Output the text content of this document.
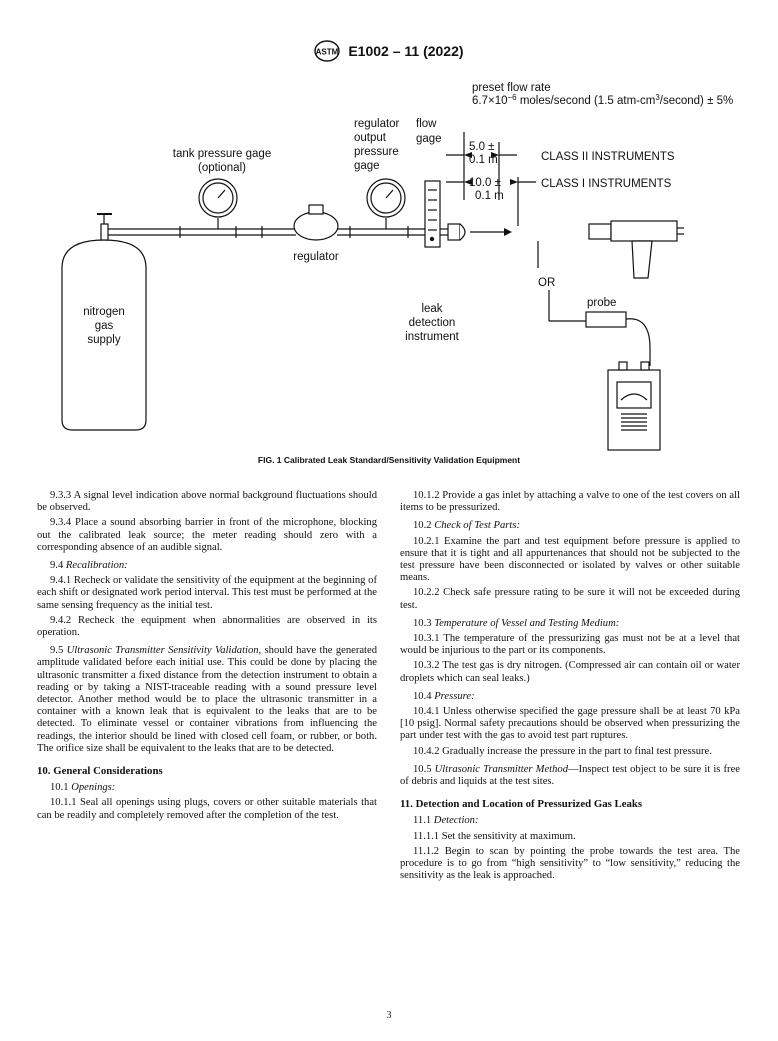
ASTM E1002 – 11 (2022)
preset flow rate
$6.7\times 10^{-6}$ moles/second (1.5 atm-$cm^3/second) \pm 5\%$
regulator
output
pressure
gage
flow
gage
tank pressure gage
(optional)
5.0 ±
0.1 m	CLASS II INSTRUMENTS
10.0 ±
0.1 m
CLASS I INSTRUMENTS
regulator
OR
probe
nitrogen
gas
supply
leak
detection
instrument
FIG. 1 Calibrated Leak Standard/Sensitivity Validation Equipment

9.3.3 A signal level indication above normal background fluctuations should be observed.

9.3.4 Place a sound absorbing barrier in front of the microphone, blocking out the calibrated leak source; the meter reading should zero with a corresponding absence of an audible signal.

9.4 Recalibration:

9.4.1 Recheck or validate the sensitivity of the equipment at the beginning of each shift or designated work period interval. This test must be performed at the same sensing frequency as the initial test.

9.4.2 Recheck the equipment when abnormalities are observed in its operation.

9.5 Ultrasonic Transmitter Sensitivity Validation, should have the generated amplitude validated before each initial use. This could be done by placing the ultrasonic transmitter a fixed distance from the detection instrument to obtain a reading or by taking a NIST-traceable reading with a sound pressure level detector. Another method would be to place the ultrasonic transmitter in a container with a known leak that is equivalent to the leaks that are to be detected. To eliminate vessel or container vibrations from influencing the readings, the interior should be lined with closed cell foam, or rubber, or both. The orifice size shall be equivalent to the leaks that are to be detected.

10. General Considerations

10.1 Openings:

10.1.1 Seal all openings using plugs, covers or other suitable materials that can be readily and completely removed after the completion of the test.

10.1.2 Provide a gas inlet by attaching a valve to one of the test covers on all items to be pressurized.

10.2 Check of Test Parts:

10.2.1 Examine the part and test equipment before pressure is applied to ensure that it is tight and all appurtenances that should not be subjected to the test pressure have been disconnected or isolated by valves or other suitable means.

10.2.2 Check safe pressure rating to be sure it will not be exceeded during test.

10.3 Temperature of Vessel and Testing Medium:

10.3.1 The temperature of the pressurizing gas must not be at a level that would be injurious to the part or its components.

10.3.2 The test gas is dry nitrogen. (Compressed air can contain oil or water droplets which can seal leaks.)

10.4 Pressure:

10.4.1 Unless otherwise specified the gage pressure shall be at least 70 kPa [10 psig]. Normal safety precautions should be observed when pressurizing the part under test with the gas to avoid test part ruptures.

10.4.2 Gradually increase the pressure in the part to final test pressure.

10.5 Ultrasonic Transmitter Method—Inspect test object to be sure it is free of debris and liquids at the test sites.

11. Detection and Location of Pressurized Gas Leaks

11.1 Detection:

11.1.1 Set the sensitivity at maximum.

11.1.2 Begin to scan by pointing the probe towards the test area. The procedure is to go from “high sensitivity” to “low sensitivity,” reducing the sensitivity as the leak is approached.

3
